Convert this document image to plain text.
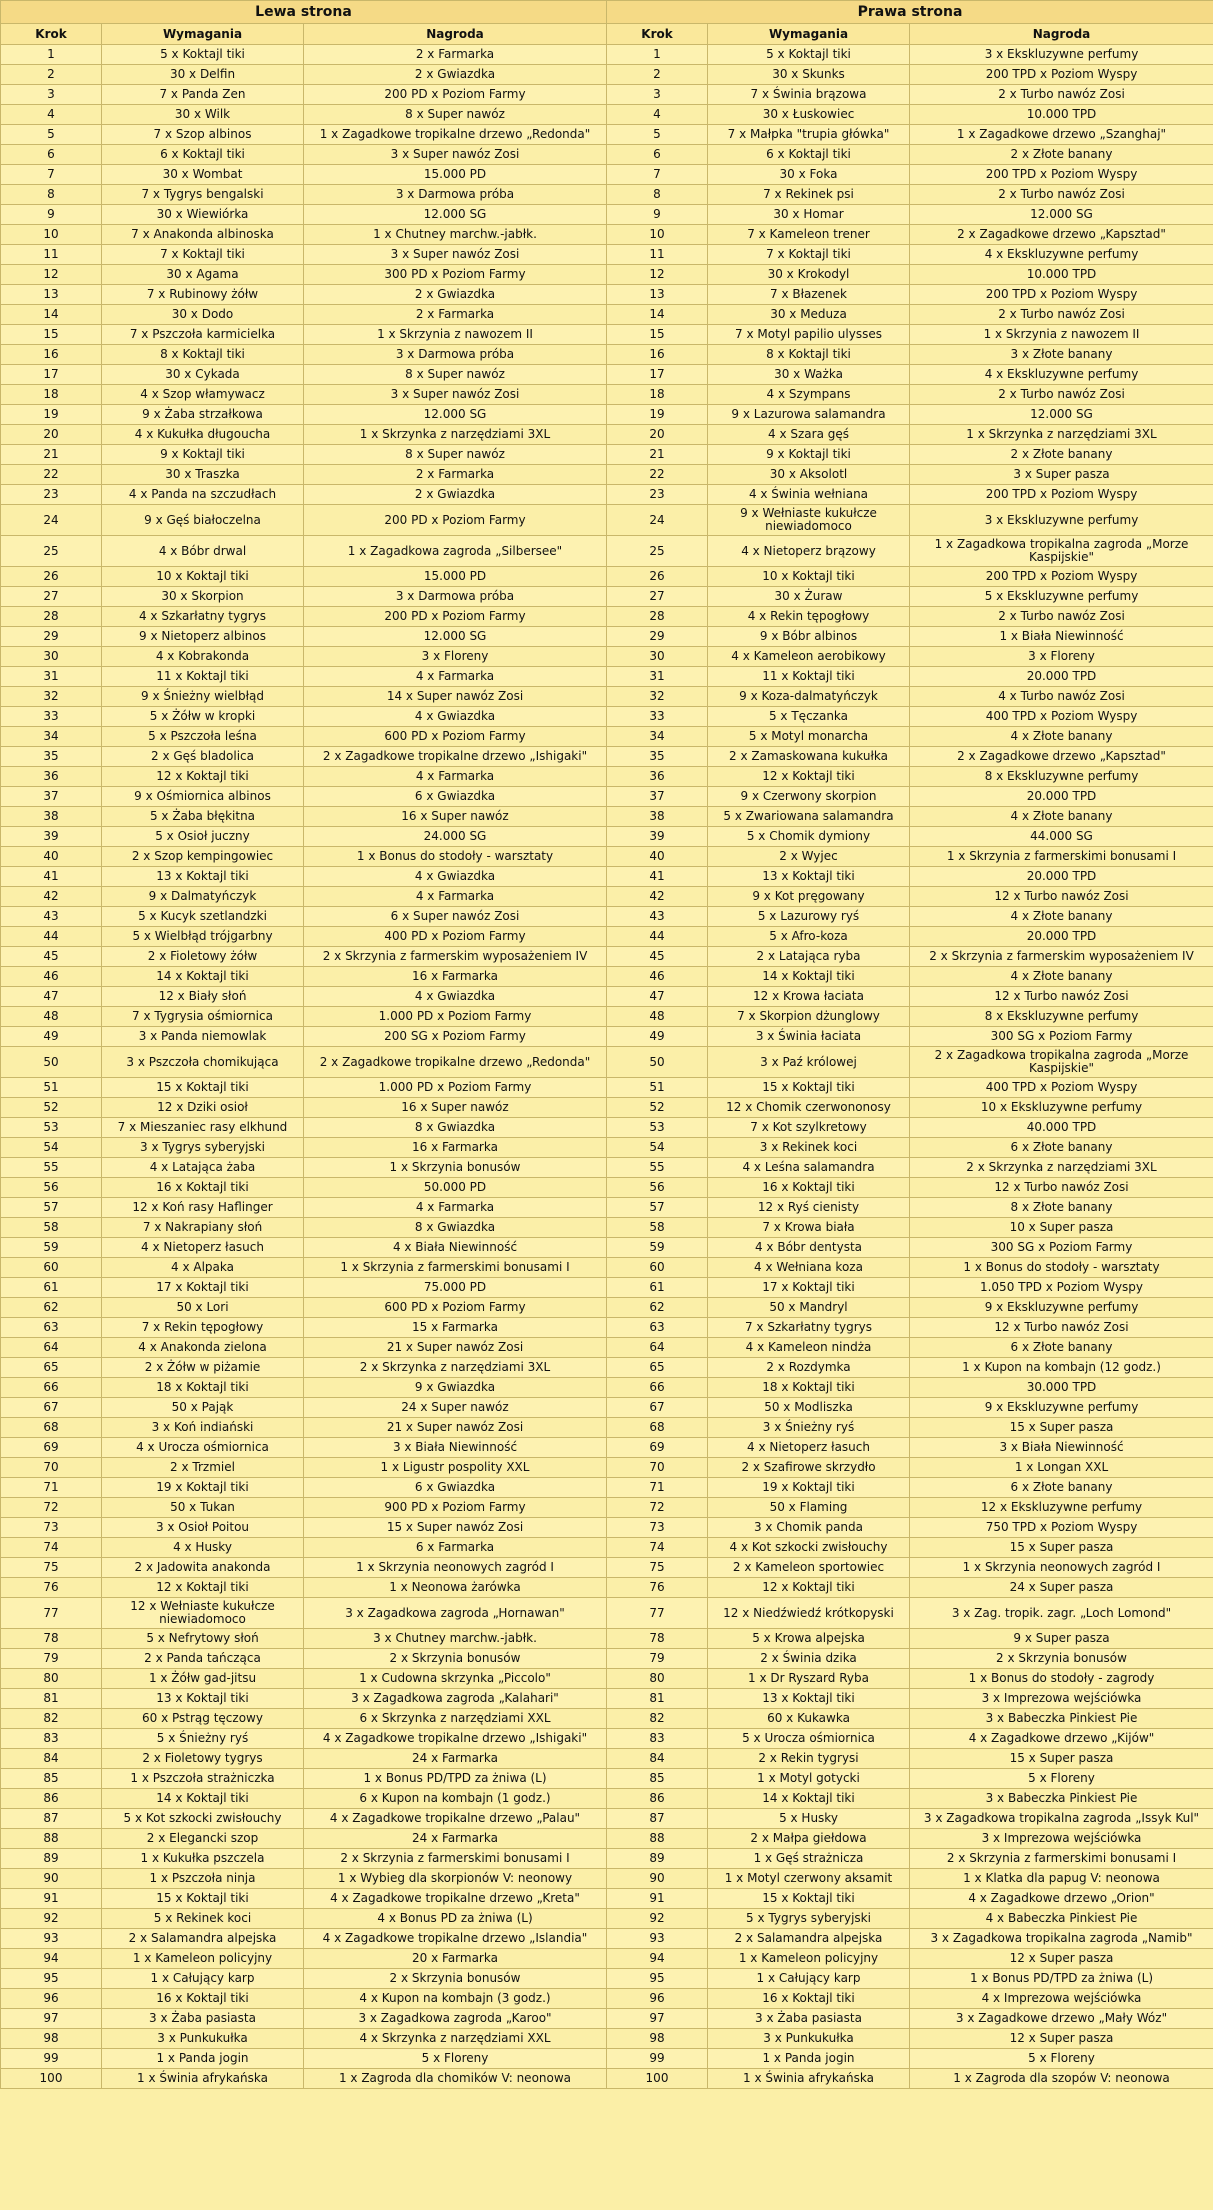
Lewa strona			Prawa strona		
Krok	Wymagania	Nagroda	Krok	Wymagania	Nagroda
1	5 x Koktajl tiki	2 x Farmarka	1	5 x Koktajl tiki	3 x Ekskluzywne perfumy
2	30 x Delfin	2 x Gwiazdka	2	30 x Skunks	200 TPD x Poziom Wyspy
3	7 x Panda Zen	200 PD x Poziom Farmy	3	7 x Świnia brązowa	2 x Turbo nawóz Zosi
4	30 x Wilk	8 x Super nawóz	4	30 x Łuskowiec	10.000 TPD
5	7 x Szop albinos	1 x Zagadkowe tropikalne drzewo „Redonda"	5	7 x Małpka "trupia główka"	1 x Zagadkowe drzewo „Szanghaj"
6	6 x Koktajl tiki	3 x Super nawóz Zosi	6	6 x Koktajl tiki	2 x Złote banany
7	30 x Wombat	15.000 PD	7	30 x Foka	200 TPD x Poziom Wyspy
8	7 x Tygrys bengalski	3 x Darmowa próba	8	7 x Rekinek psi	2 x Turbo nawóz Zosi
9	30 x Wiewiórka	12.000 SG	9	30 x Homar	12.000 SG
10	7 x Anakonda albinoska	1 x Chutney marchw.-jabłk.	10	7 x Kameleon trener	2 x Zagadkowe drzewo „Kapsztad"
11	7 x Koktajl tiki	3 x Super nawóz Zosi	11	7 x Koktajl tiki	4 x Ekskluzywne perfumy
12	30 x Agama	300 PD x Poziom Farmy	12	30 x Krokodyl	10.000 TPD
13	7 x Rubinowy żółw	2 x Gwiazdka	13	7 x Błazenek	200 TPD x Poziom Wyspy
14	30 x Dodo	2 x Farmarka	14	30 x Meduza	2 x Turbo nawóz Zosi
15	7 x Pszczoła karmicielka	1 x Skrzynia z nawozem II	15	7 x Motyl papilio ulysses	1 x Skrzynia z nawozem II
16	8 x Koktajl tiki	3 x Darmowa próba	16	8 x Koktajl tiki	3 x Złote banany
17	30 x Cykada	8 x Super nawóz	17	30 x Ważka	4 x Ekskluzywne perfumy
18	4 x Szop włamywacz	3 x Super nawóz Zosi	18	4 x Szympans	2 x Turbo nawóz Zosi
19	9 x Żaba strzałkowa	12.000 SG	19	9 x Lazurowa salamandra	12.000 SG
20	4 x Kukułka długoucha	1 x Skrzynka z narzędziami 3XL	20	4 x Szara gęś	1 x Skrzynka z narzędziami 3XL
21	9 x Koktajl tiki	8 x Super nawóz	21	9 x Koktajl tiki	2 x Złote banany
22	30 x Traszka	2 x Farmarka	22	30 x Aksolotl	3 x Super pasza
23	4 x Panda na szczudłach	2 x Gwiazdka	23	4 x Świnia wełniana	200 TPD x Poziom Wyspy
24	9 x Gęś białoczelna	200 PD x Poziom Farmy	24	9 x Wełniaste kukułcze niewiadomoco	3 x Ekskluzywne perfumy
25	4 x Bóbr drwal	1 x Zagadkowa zagroda „Silbersee"	25	4 x Nietoperz brązowy	1 x Zagadkowa tropikalna zagroda „Morze Kaspijskie"
26	10 x Koktajl tiki	15.000 PD	26	10 x Koktajl tiki	200 TPD x Poziom Wyspy
27	30 x Skorpion	3 x Darmowa próba	27	30 x Żuraw	5 x Ekskluzywne perfumy
28	4 x Szkarłatny tygrys	200 PD x Poziom Farmy	28	4 x Rekin tępogłowy	2 x Turbo nawóz Zosi
29	9 x Nietoperz albinos	12.000 SG	29	9 x Bóbr albinos	1 x Biała Niewinność
30	4 x Kobrakonda	3 x Floreny	30	4 x Kameleon aerobikowy	3 x Floreny
31	11 x Koktajl tiki	4 x Farmarka	31	11 x Koktajl tiki	20.000 TPD
32	9 x Śnieżny wielbłąd	14 x Super nawóz Zosi	32	9 x Koza-dalmatyńczyk	4 x Turbo nawóz Zosi
33	5 x Żółw w kropki	4 x Gwiazdka	33	5 x Tęczanka	400 TPD x Poziom Wyspy
34	5 x Pszczoła leśna	600 PD x Poziom Farmy	34	5 x Motyl monarcha	4 x Złote banany
35	2 x Gęś bladolica	2 x Zagadkowe tropikalne drzewo „Ishigaki"	35	2 x Zamaskowana kukułka	2 x Zagadkowe drzewo „Kapsztad"
36	12 x Koktajl tiki	4 x Farmarka	36	12 x Koktajl tiki	8 x Ekskluzywne perfumy
37	9 x Ośmiornica albinos	6 x Gwiazdka	37	9 x Czerwony skorpion	20.000 TPD
38	5 x Żaba błękitna	16 x Super nawóz	38	5 x Zwariowana salamandra	4 x Złote banany
39	5 x Osioł juczny	24.000 SG	39	5 x Chomik dymiony	44.000 SG
40	2 x Szop kempingowiec	1 x Bonus do stodoły - warsztaty	40	2 x Wyjec	1 x Skrzynia z farmerskimi bonusami I
41	13 x Koktajl tiki	4 x Gwiazdka	41	13 x Koktajl tiki	20.000 TPD
42	9 x Dalmatyńczyk	4 x Farmarka	42	9 x Kot pręgowany	12 x Turbo nawóz Zosi
43	5 x Kucyk szetlandzki	6 x Super nawóz Zosi	43	5 x Lazurowy ryś	4 x Złote banany
44	5 x Wielbłąd trójgarbny	400 PD x Poziom Farmy	44	5 x Afro-koza	20.000 TPD
45	2 x Fioletowy żółw	2 x Skrzynia z farmerskim wyposażeniem IV	45	2 x Latająca ryba	2 x Skrzynia z farmerskim wyposażeniem IV
46	14 x Koktajl tiki	16 x Farmarka	46	14 x Koktajl tiki	4 x Złote banany
47	12 x Biały słoń	4 x Gwiazdka	47	12 x Krowa łaciata	12 x Turbo nawóz Zosi
48	7 x Tygrysia ośmiornica	1.000 PD x Poziom Farmy	48	7 x Skorpion dżunglowy	8 x Ekskluzywne perfumy
49	3 x Panda niemowlak	200 SG x Poziom Farmy	49	3 x Świnia łaciata	300 SG x Poziom Farmy
50	3 x Pszczoła chomikująca	2 x Zagadkowe tropikalne drzewo „Redonda"	50	3 x Paź królowej	2 x Zagadkowa tropikalna zagroda „Morze Kaspijskie"
51	15 x Koktajl tiki	1.000 PD x Poziom Farmy	51	15 x Koktajl tiki	400 TPD x Poziom Wyspy
52	12 x Dziki osioł	16 x Super nawóz	52	12 x Chomik czerwononosy	10 x Ekskluzywne perfumy
53	7 x Mieszaniec rasy elkhund	8 x Gwiazdka	53	7 x Kot szylkretowy	40.000 TPD
54	3 x Tygrys syberyjski	16 x Farmarka	54	3 x Rekinek koci	6 x Złote banany
55	4 x Latająca żaba	1 x Skrzynia bonusów	55	4 x Leśna salamandra	2 x Skrzynka z narzędziami 3XL
56	16 x Koktajl tiki	50.000 PD	56	16 x Koktajl tiki	12 x Turbo nawóz Zosi
57	12 x Koń rasy Haflinger	4 x Farmarka	57	12 x Ryś cienisty	8 x Złote banany
58	7 x Nakrapiany słoń	8 x Gwiazdka	58	7 x Krowa biała	10 x Super pasza
59	4 x Nietoperz łasuch	4 x Biała Niewinność	59	4 x Bóbr dentysta	300 SG x Poziom Farmy
60	4 x Alpaka	1 x Skrzynia z farmerskimi bonusami I	60	4 x Wełniana koza	1 x Bonus do stodoły - warsztaty
61	17 x Koktajl tiki	75.000 PD	61	17 x Koktajl tiki	1.050 TPD x Poziom Wyspy
62	50 x Lori	600 PD x Poziom Farmy	62	50 x Mandryl	9 x Ekskluzywne perfumy
63	7 x Rekin tępogłowy	15 x Farmarka	63	7 x Szkarłatny tygrys	12 x Turbo nawóz Zosi
64	4 x Anakonda zielona	21 x Super nawóz Zosi	64	4 x Kameleon nindża	6 x Złote banany
65	2 x Żółw w piżamie	2 x Skrzynka z narzędziami 3XL	65	2 x Rozdymka	1 x Kupon na kombajn (12 godz.)
66	18 x Koktajl tiki	9 x Gwiazdka	66	18 x Koktajl tiki	30.000 TPD
67	50 x Pająk	24 x Super nawóz	67	50 x Modliszka	9 x Ekskluzywne perfumy
68	3 x Koń indiański	21 x Super nawóz Zosi	68	3 x Śnieżny ryś	15 x Super pasza
69	4 x Urocza ośmiornica	3 x Biała Niewinność	69	4 x Nietoperz łasuch	3 x Biała Niewinność
70	2 x Trzmiel	1 x Ligustr pospolity XXL	70	2 x Szafirowe skrzydło	1 x Longan XXL
71	19 x Koktajl tiki	6 x Gwiazdka	71	19 x Koktajl tiki	6 x Złote banany
72	50 x Tukan	900 PD x Poziom Farmy	72	50 x Flaming	12 x Ekskluzywne perfumy
73	3 x Osioł Poitou	15 x Super nawóz Zosi	73	3 x Chomik panda	750 TPD x Poziom Wyspy
74	4 x Husky	6 x Farmarka	74	4 x Kot szkocki zwisłouchy	15 x Super pasza
75	2 x Jadowita anakonda	1 x Skrzynia neonowych zagród I	75	2 x Kameleon sportowiec	1 x Skrzynia neonowych zagród I
76	12 x Koktajl tiki	1 x Neonowa żarówka	76	12 x Koktajl tiki	24 x Super pasza
77	12 x Wełniaste kukułcze niewiadomoco	3 x Zagadkowa zagroda „Hornawan"	77	12 x Niedźwiedź krótkopyski	3 x Zag. tropik. zagr. „Loch Lomond"
78	5 x Nefrytowy słoń	3 x Chutney marchw.-jabłk.	78	5 x Krowa alpejska	9 x Super pasza
79	2 x Panda tańcząca	2 x Skrzynia bonusów	79	2 x Świnia dzika	2 x Skrzynia bonusów
80	1 x Żółw gad-jitsu	1 x Cudowna skrzynka „Piccolo"	80	1 x Dr Ryszard Ryba	1 x Bonus do stodoły - zagrody
81	13 x Koktajl tiki	3 x Zagadkowa zagroda „Kalahari"	81	13 x Koktajl tiki	3 x Imprezowa wejściówka
82	60 x Pstrąg tęczowy	6 x Skrzynka z narzędziami XXL	82	60 x Kukawka	3 x Babeczka Pinkiest Pie
83	5 x Śnieżny ryś	4 x Zagadkowe tropikalne drzewo „Ishigaki"	83	5 x Urocza ośmiornica	4 x Zagadkowe drzewo „Kijów"
84	2 x Fioletowy tygrys	24 x Farmarka	84	2 x Rekin tygrysi	15 x Super pasza
85	1 x Pszczoła strażniczka	1 x Bonus PD/TPD za żniwa (L)	85	1 x Motyl gotycki	5 x Floreny
86	14 x Koktajl tiki	6 x Kupon na kombajn (1 godz.)	86	14 x Koktajl tiki	3 x Babeczka Pinkiest Pie
87	5 x Kot szkocki zwisłouchy	4 x Zagadkowe tropikalne drzewo „Palau"	87	5 x Husky	3 x Zagadkowa tropikalna zagroda „Issyk Kul"
88	2 x Elegancki szop	24 x Farmarka	88	2 x Małpa giełdowa	3 x Imprezowa wejściówka
89	1 x Kukułka pszczela	2 x Skrzynia z farmerskimi bonusami I	89	1 x Gęś strażnicza	2 x Skrzynia z farmerskimi bonusami I
90	1 x Pszczoła ninja	1 x Wybieg dla skorpionów V: neonowy	90	1 x Motyl czerwony aksamit	1 x Klatka dla papug V: neonowa
91	15 x Koktajl tiki	4 x Zagadkowe tropikalne drzewo „Kreta"	91	15 x Koktajl tiki	4 x Zagadkowe drzewo „Orion"
92	5 x Rekinek koci	4 x Bonus PD za żniwa (L)	92	5 x Tygrys syberyjski	4 x Babeczka Pinkiest Pie
93	2 x Salamandra alpejska	4 x Zagadkowe tropikalne drzewo „Islandia"	93	2 x Salamandra alpejska	3 x Zagadkowa tropikalna zagroda „Namib"
94	1 x Kameleon policyjny	20 x Farmarka	94	1 x Kameleon policyjny	12 x Super pasza
95	1 x Całujący karp	2 x Skrzynia bonusów	95	1 x Całujący karp	1 x Bonus PD/TPD za żniwa (L)
96	16 x Koktajl tiki	4 x Kupon na kombajn (3 godz.)	96	16 x Koktajl tiki	4 x Imprezowa wejściówka
97	3 x Żaba pasiasta	3 x Zagadkowa zagroda „Karoo"	97	3 x Żaba pasiasta	3 x Zagadkowe drzewo „Mały Wóz"
98	3 x Punkukułka	4 x Skrzynka z narzędziami XXL	98	3 x Punkukułka	12 x Super pasza
99	1 x Panda jogin	5 x Floreny	99	1 x Panda jogin	5 x Floreny
100	1 x Świnia afrykańska	1 x Zagroda dla chomików V: neonowa	100	1 x Świnia afrykańska	1 x Zagroda dla szopów V: neonowa
